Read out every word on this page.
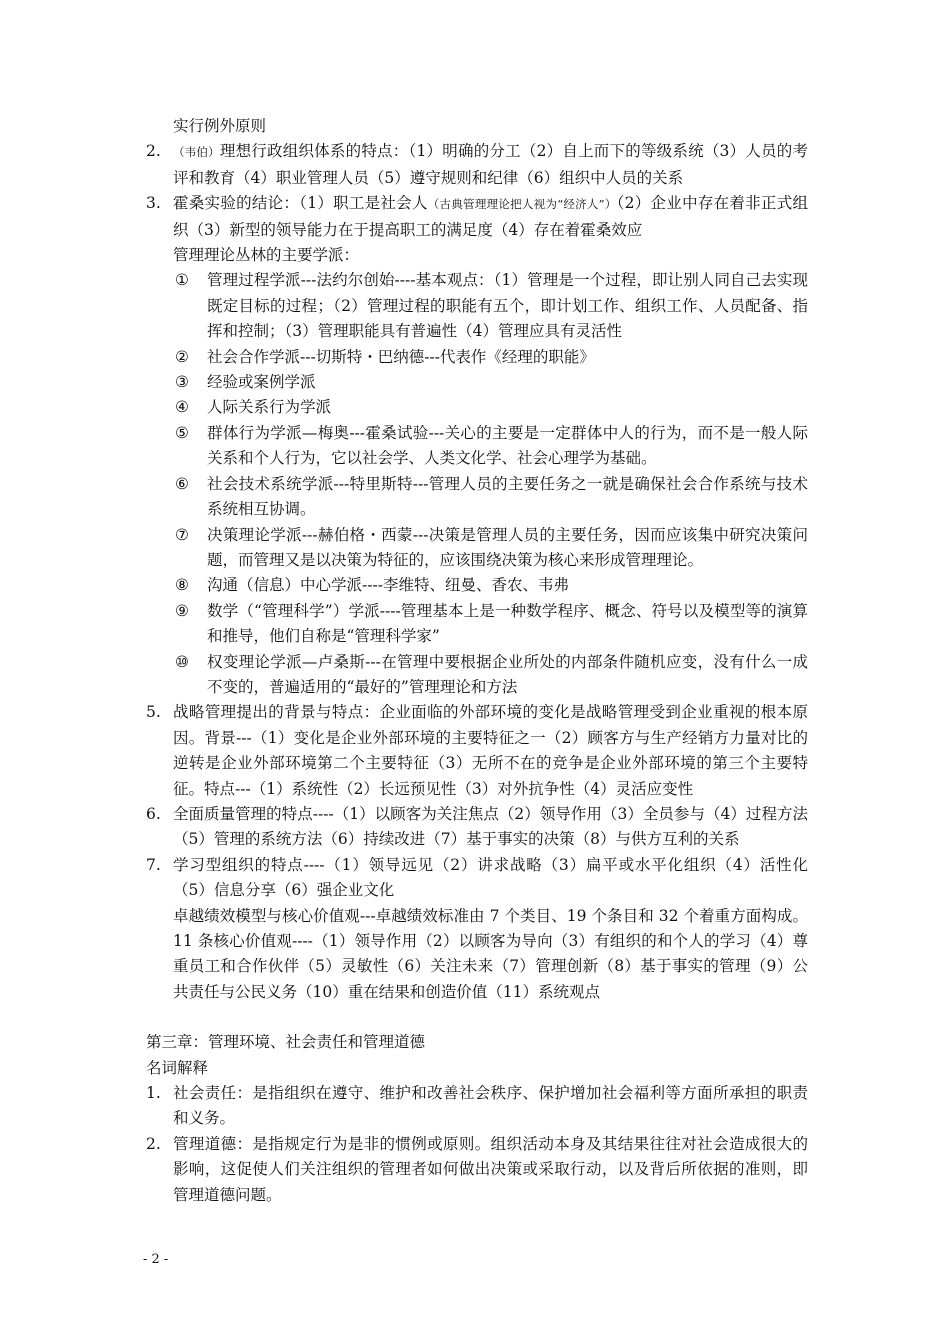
实行例外原则
2.	（韦伯）理想行政组织体系的特点：（1）明确的分工（2）自上而下的等级系统（3）人员的考评和教育（4）职业管理人员（5）遵守规则和纪律（6）组织中人员的关系
3. 霍桑实验的结论：（1）职工是社会人（古典管理理论把人视为“经济人”）（2）企业中存在着非正式组织（3）新型的领导能力在于提高职工的满足度（4）存在着霍桑效应
管理理论丛林的主要学派：
①	管理过程学派---法约尔创始----基本观点：（1）管理是一个过程，即让别人同自己去实现既定目标的过程；（2）管理过程的职能有五个，即计划工作、组织工作、人员配备、指挥和控制；（3）管理职能具有普遍性（4）管理应具有灵活性
②	社会合作学派---切斯特・巴纳德---代表作《经理的职能》
③	经验或案例学派
④	人际关系行为学派
⑤	群体行为学派—梅奥---霍桑试验---关心的主要是一定群体中人的行为，而不是一般人际关系和个人行为，它以社会学、人类文化学、社会心理学为基础。
⑥	社会技术系统学派---特里斯特---管理人员的主要任务之一就是确保社会合作系统与技术系统相互协调。
⑦	决策理论学派---赫伯格・西蒙---决策是管理人员的主要任务，因而应该集中研究决策问题，而管理又是以决策为特征的，应该围绕决策为核心来形成管理理论。
⑧	沟通（信息）中心学派----李维特、纽曼、香农、韦弗
⑨	数学（“管理科学”）学派----管理基本上是一种数学程序、概念、符号以及模型等的演算和推导，他们自称是“管理科学家”
⑩	权变理论学派—卢桑斯---在管理中要根据企业所处的内部条件随机应变，没有什么一成不变的，普遍适用的“最好的”管理理论和方法
5. 战略管理提出的背景与特点：企业面临的外部环境的变化是战略管理受到企业重视的根本原因。背景---（1）变化是企业外部环境的主要特征之一（2）顾客方与生产经销方力量对比的逆转是企业外部环境第二个主要特征（3）无所不在的竞争是企业外部环境的第三个主要特征。特点---（1）系统性（2）长远预见性（3）对外抗争性（4）灵活应变性
6. 全面质量管理的特点----（1）以顾客为关注焦点（2）领导作用（3）全员参与（4）过程方法（5）管理的系统方法（6）持续改进（7）基于事实的决策（8）与供方互利的关系
7. 学习型组织的特点----（1）领导远见（2）讲求战略（3）扁平或水平化组织（4）活性化（5）信息分享（6）强企业文化
卓越绩效模型与核心价值观---卓越绩效标准由 7 个类目、19 个条目和 32 个着重方面构成。11 条核心价值观----（1）领导作用（2）以顾客为导向（3）有组织的和个人的学习（4）尊重员工和合作伙伴（5）灵敏性（6）关注未来（7）管理创新（8）基于事实的管理（9）公共责任与公民义务（10）重在结果和创造价值（11）系统观点
第三章：管理环境、社会责任和管理道德
名词解释
1. 社会责任：是指组织在遵守、维护和改善社会秩序、保护增加社会福利等方面所承担的职责和义务。
2. 管理道德：是指规定行为是非的惯例或原则。组织活动本身及其结果往往对社会造成很大的影响，这促使人们关注组织的管理者如何做出决策或采取行动，以及背后所依据的准则，即管理道德问题。
- 2 -
